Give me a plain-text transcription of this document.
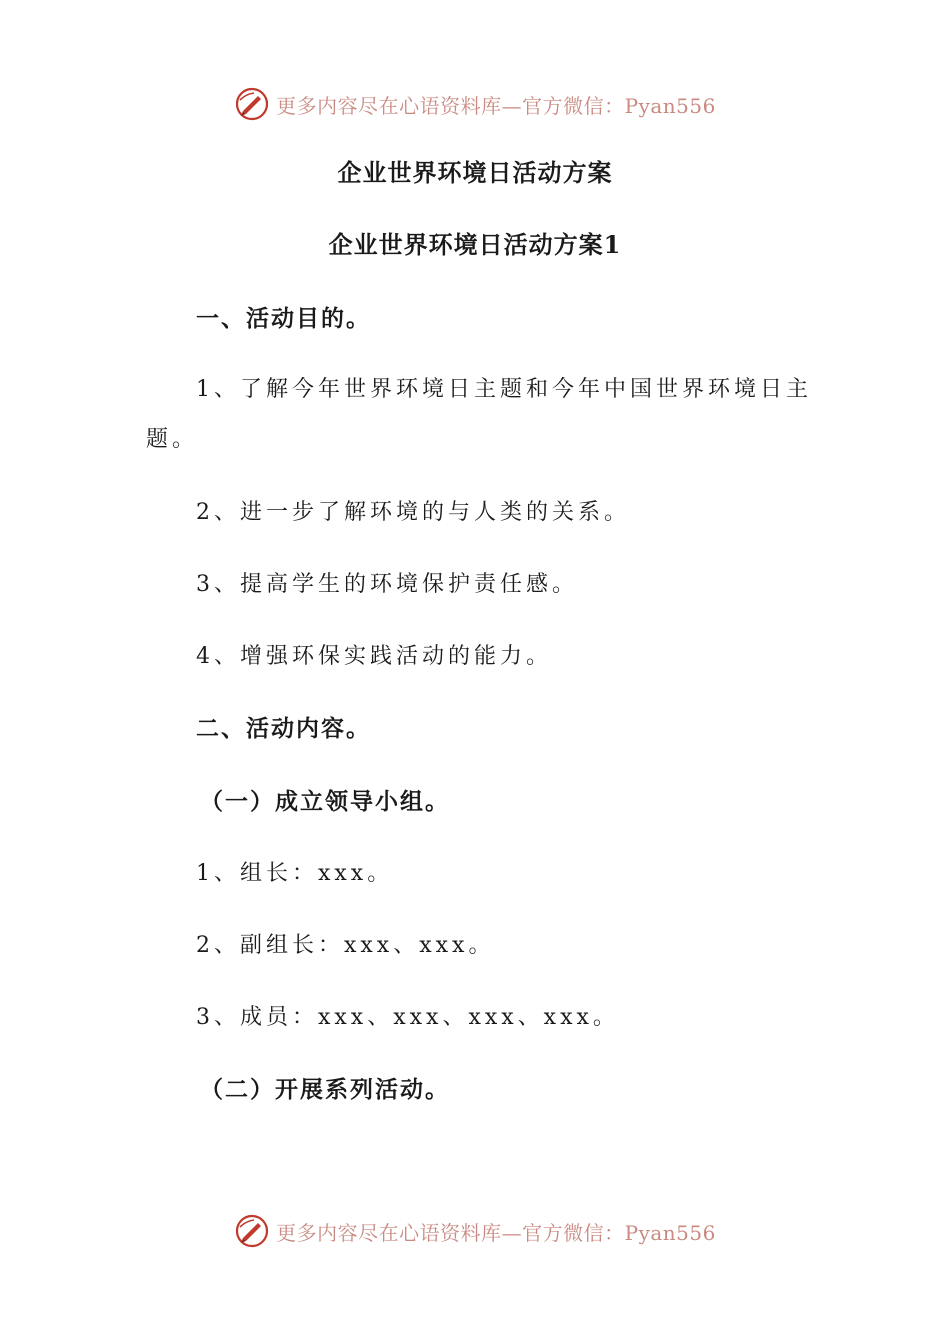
更多内容尽在心语资料库—官方微信：Pyan556
企业世界环境日活动方案
企业世界环境日活动方案1
一、活动目的。
1、了解今年世界环境日主题和今年中国世界环境日主
题。
2、进一步了解环境的与人类的关系。
3、提高学生的环境保护责任感。
4、增强环保实践活动的能力。
二、活动内容。
（一）成立领导小组。
1、组长：xxx。
2、副组长：xxx、xxx。
3、成员：xxx、xxx、xxx、xxx。
（二）开展系列活动。
更多内容尽在心语资料库—官方微信：Pyan556
